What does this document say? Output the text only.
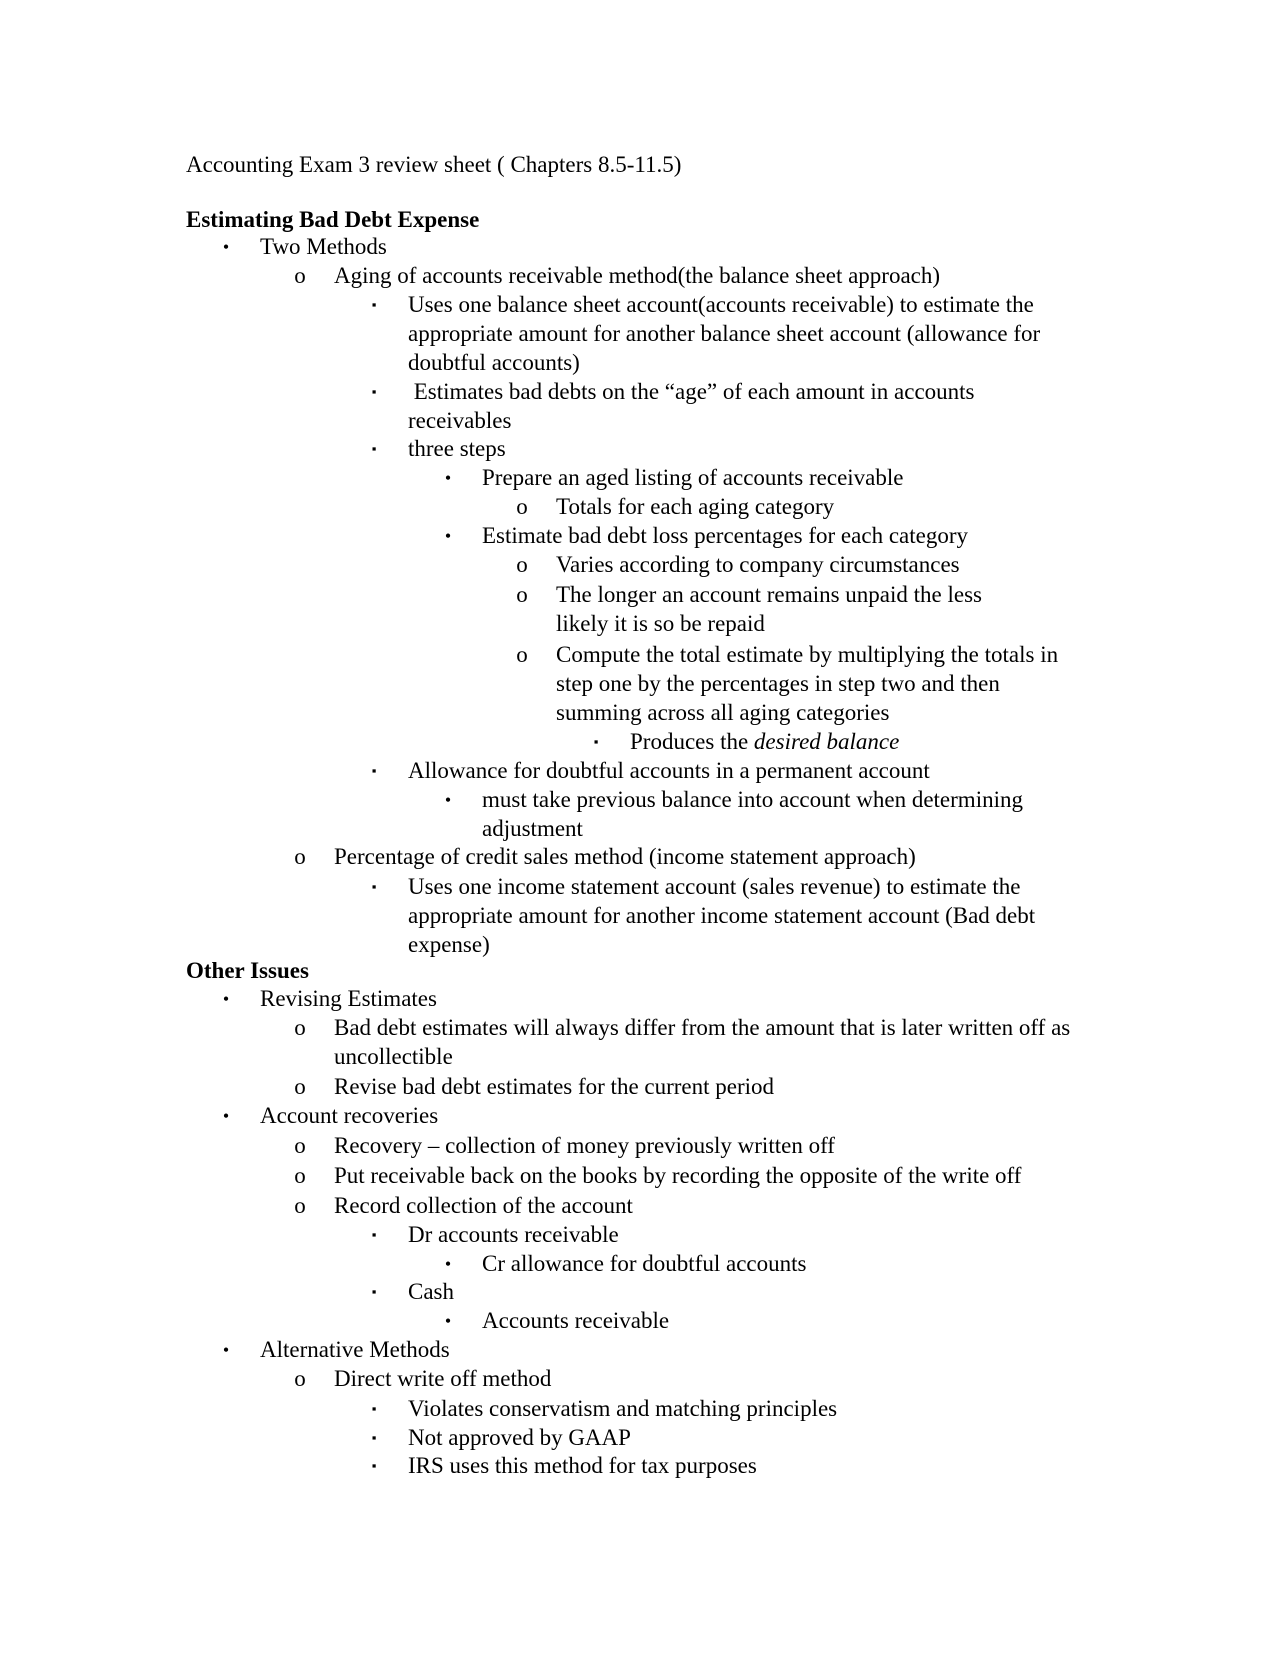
Accounting Exam 3 review sheet ( Chapters 8.5-11.5)
Estimating Bad Debt Expense
• Two Methods
o Aging of accounts receivable method(the balance sheet approach)
▪	Uses one balance sheet account(accounts receivable) to estimate the appropriate amount for another balance sheet account (allowance for doubtful accounts)
▪	Estimates bad debts on the “age” of each amount in accounts receivables
▪	three steps
• Prepare an aged listing of accounts receivable
o Totals for each aging category
• Estimate bad debt loss percentages for each category
o Varies according to company circumstances
o The longer an account remains unpaid the less likely it is so be repaid
o Compute the total estimate by multiplying the totals in step one by the percentages in step two and then summing across all aging categories
▪	Produces the desired balance
▪	Allowance for doubtful accounts in a permanent account
• must take previous balance into account when determining adjustment
o Percentage of credit sales method (income statement approach)
▪	Uses one income statement account (sales revenue) to estimate the appropriate amount for another income statement account (Bad debt expense)
Other Issues
• Revising Estimates
o Bad debt estimates will always differ from the amount that is later written off as uncollectible
o Revise bad debt estimates for the current period
• Account recoveries
o Recovery – collection of money previously written off
o Put receivable back on the books by recording the opposite of the write off
o Record collection of the account
▪	Dr accounts receivable
• Cr allowance for doubtful accounts
▪	Cash
• Accounts receivable
• Alternative Methods
o Direct write off method
▪	Violates conservatism and matching principles
▪	Not approved by GAAP
▪	IRS uses this method for tax purposes
